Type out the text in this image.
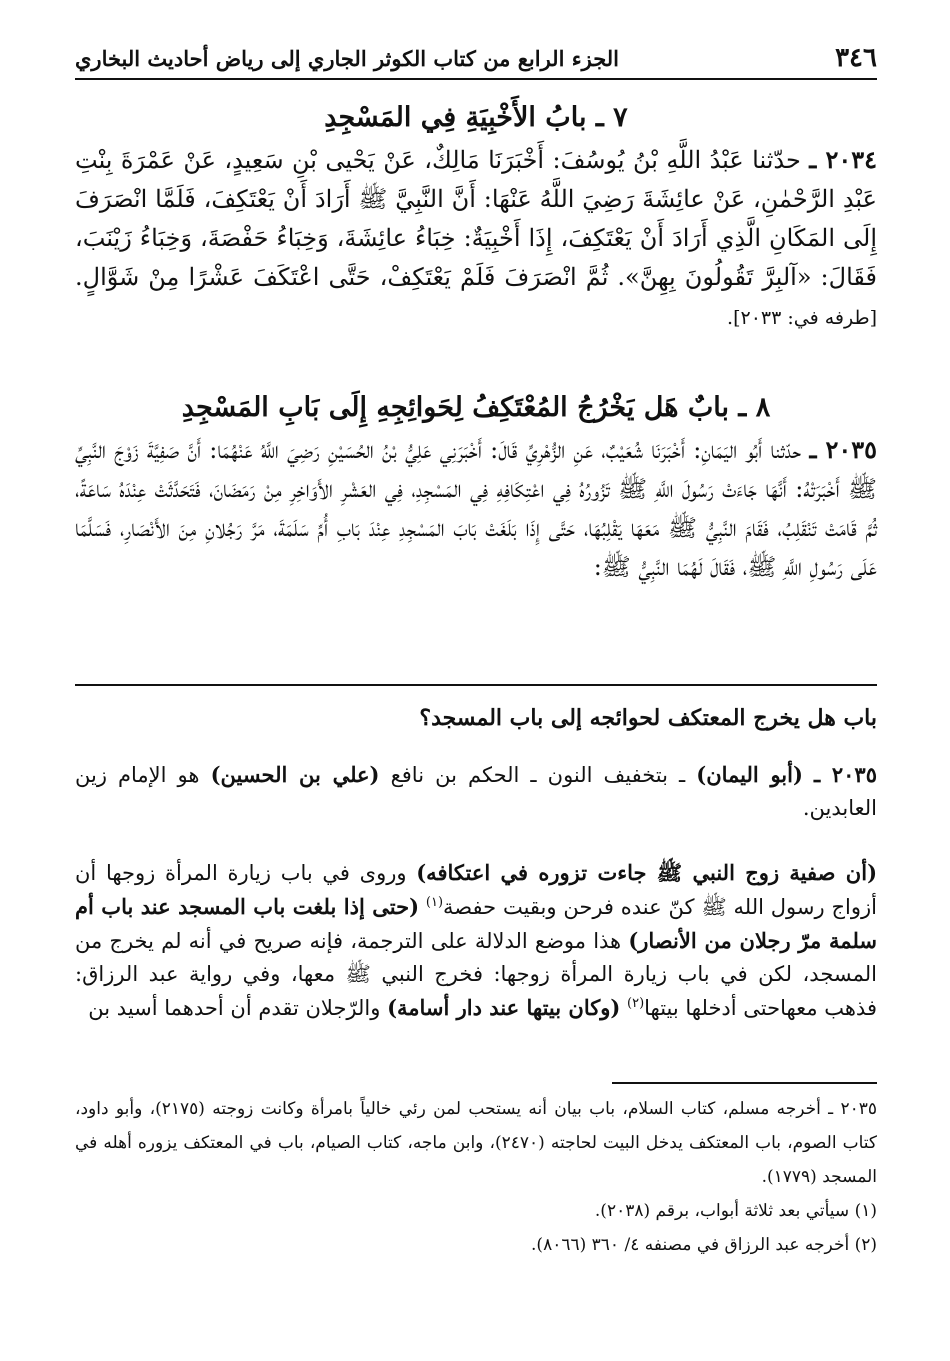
٣٤٦
الجزء الرابع من كتاب الكوثر الجاري إلى رياض أحاديث البخاري
٧ ـ بابُ الأَخْبِيَةِ فِي المَسْجِدِ

٢٠٣٤ ـ حدّثنا عَبْدُ اللَّهِ بْنُ يُوسُفَ: أَخْبَرَنَا مَالِكٌ، عَنْ يَحْيى بْنِ سَعِيدٍ، عَنْ عَمْرَةَ بِنْتِ عَبْدِ الرَّحْمٰنِ، عَنْ عائِشَةَ رَضِيَ اللَّهُ عَنْهَا: أَنَّ النَّبِيَّ ﷺ أَرَادَ أَنْ يَعْتَكِفَ، فَلَمَّا انْصَرَفَ إِلَى المَكَانِ الَّذِي أَرَادَ أَنْ يَعْتَكِفَ، إِذَا أَخْبِيَةٌ: خِبَاءُ عائِشَةَ، وَخِبَاءُ حَفْصَةَ، وَخِبَاءُ زَيْنَبَ، فَقَالَ: «آلبِرَّ تَقُولُونَ بِهِنَّ». ثُمَّ انْصَرَفَ فَلَمْ يَعْتَكِفْ، حَتَّى اعْتَكَفَ عَشْرًا مِنْ شَوَّالٍ. [طرفه في: ٢٠٣٣].

٨ ـ بابٌ هَل يَخْرُجُ المُعْتَكِفُ لِحَوائِجِهِ إِلَى بَابِ المَسْجِدِ

٢٠٣٥ ـ حدّثنا أَبُو اليَمَانِ: أَخْبَرَنَا شُعَيْبٌ، عَنِ الزُّهْرِيِّ قَالَ: أَخْبَرَنِي عَلِيُّ بْنُ الحُسَيْنِ رَضِيَ اللَّهُ عَنْهُمَا: أَنَّ صَفِيَّةَ زَوْجَ النَّبِيِّ ﷺ أَخْبَرَتْهُ: أَنَّهَا جَاءَتْ رَسُولَ اللَّهِ ﷺ تَزُورُهُ فِي اعْتِكَافِهِ فِي المَسْجِدِ، فِي العَشْرِ الأَوَاخِرِ مِنْ رَمَضَانَ، فَتَحَدَّثَتْ عِنْدَهُ سَاعَةً، ثُمَّ قَامَتْ تَنْقَلِبُ، فَقَامَ النَّبِيُّ ﷺ مَعَهَا يَقْلِبُهَا، حَتَّى إِذَا بَلَغَتْ بَابَ المَسْجِدِ عِنْدَ بَابِ أُمِّ سَلَمَةَ، مَرَّ رَجُلانِ مِنَ الأَنْصَارِ، فَسَلَّمَا عَلَى رَسُولِ اللَّهِ ﷺ، فَقَالَ لَهُمَا النَّبِيُّ ﷺ:

باب هل يخرج المعتكف لحوائجه إلى باب المسجد؟

٢٠٣٥ ـ (أبو اليمان) ـ بتخفيف النون ـ الحكم بن نافع (علي بن الحسين) هو الإمام زين العابدين.

(أن صفية زوج النبي ﷺ جاءت تزوره في اعتكافه) وروى في باب زيارة المرأة زوجها أن أزواج رسول الله ﷺ كنّ عنده فرحن وبقيت حفصة$^{(١)}$ (حتى إذا بلغت باب المسجد عند باب أم سلمة مرّ رجلان من الأنصار) هذا موضع الدلالة على الترجمة، فإنه صريح في أنه لم يخرج من المسجد، لكن في باب زيارة المرأة زوجها: فخرج النبي ﷺ معها، وفي رواية عبد الرزاق: فذهب معهاحتى أدخلها بيتها$^{(٢)}$ (وكان بيتها عند دار أسامة) والرّجلان تقدم أن أحدهما أسيد بن

٢٠٣٥ ـ أخرجه مسلم، كتاب السلام، باب بيان أنه يستحب لمن رئي خالياً بامرأة وكانت زوجته (٢١٧٥)، وأبو داود، كتاب الصوم، باب المعتكف يدخل البيت لحاجته (٢٤٧٠)، وابن ماجه، كتاب الصيام، باب في المعتكف يزوره أهله في المسجد (١٧٧٩).

(١) سيأتي بعد ثلاثة أبواب، برقم (٢٠٣٨).

(٢) أخرجه عبد الرزاق في مصنفه ٤/ ٣٦٠ (٨٠٦٦).
